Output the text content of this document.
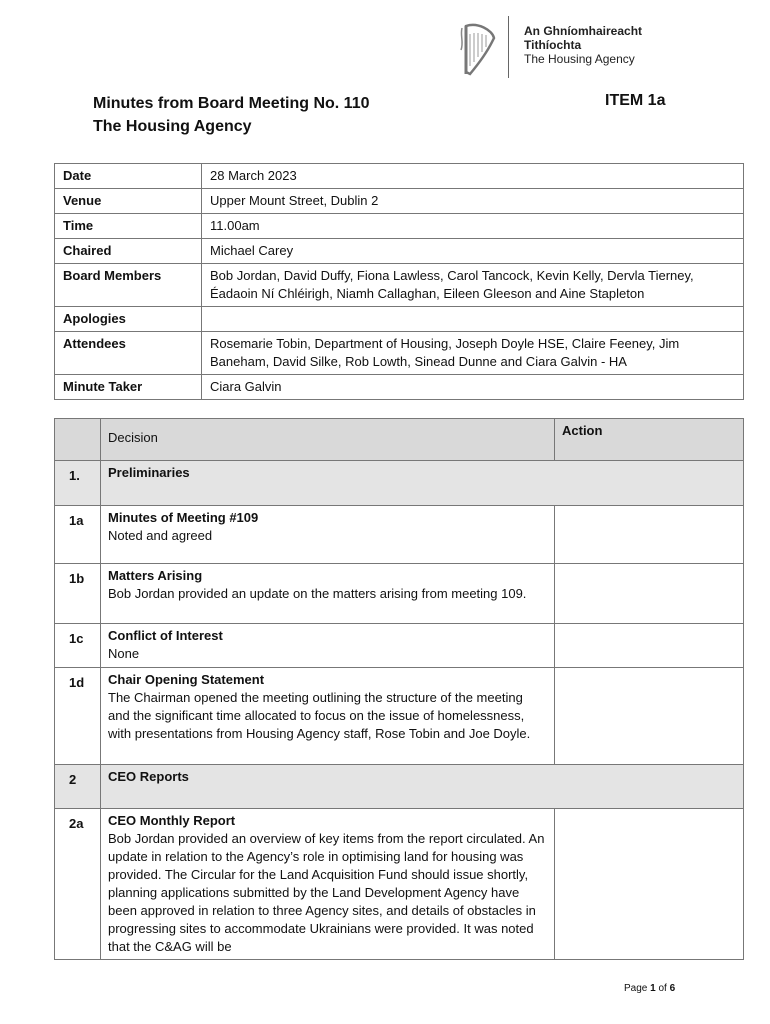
An Ghníomhaireacht
Tithíochta
The Housing Agency
Minutes from Board Meeting No. 110
The Housing Agency
ITEM 1a
Date	28 March 2023
Venue	Upper Mount Street, Dublin 2
Time	11.00am
Chaired	Michael Carey
Board Members	Bob Jordan, David Duffy, Fiona Lawless, Carol Tancock, Kevin Kelly, Dervla Tierney, Éadaoin Ní Chléirigh, Niamh Callaghan, Eileen Gleeson and Aine Stapleton
Apologies	
Attendees	Rosemarie Tobin, Department of Housing, Joseph Doyle HSE, Claire Feeney, Jim Baneham, David Silke, Rob Lowth, Sinead Dunne and Ciara Galvin - HA
Minute Taker	Ciara Galvin
	Decision	Action
1.	Preliminaries	

1a	Minutes of Meeting #109
Noted and agreed	

1b	Matters Arising
Bob Jordan provided an update on the matters arising from meeting 109.	

1c	Conflict of Interest
None	

1d	Chair Opening Statement
The Chairman opened the meeting outlining the structure of the meeting and the significant time allocated to focus on the issue of homelessness, with presentations from Housing Agency staff, Rose Tobin and Joe Doyle.	

2	CEO Reports	

2a	CEO Monthly Report
Bob Jordan provided an overview of key items from the report circulated. An update in relation to the Agency’s role in optimising land for housing was provided. The Circular for the Land Acquisition Fund should issue shortly, planning applications submitted by the Land Development Agency have been approved in relation to three Agency sites, and details of obstacles in progressing sites to accommodate Ukrainians were provided. It was noted that the C&AG will be	

Page 1 of 6
